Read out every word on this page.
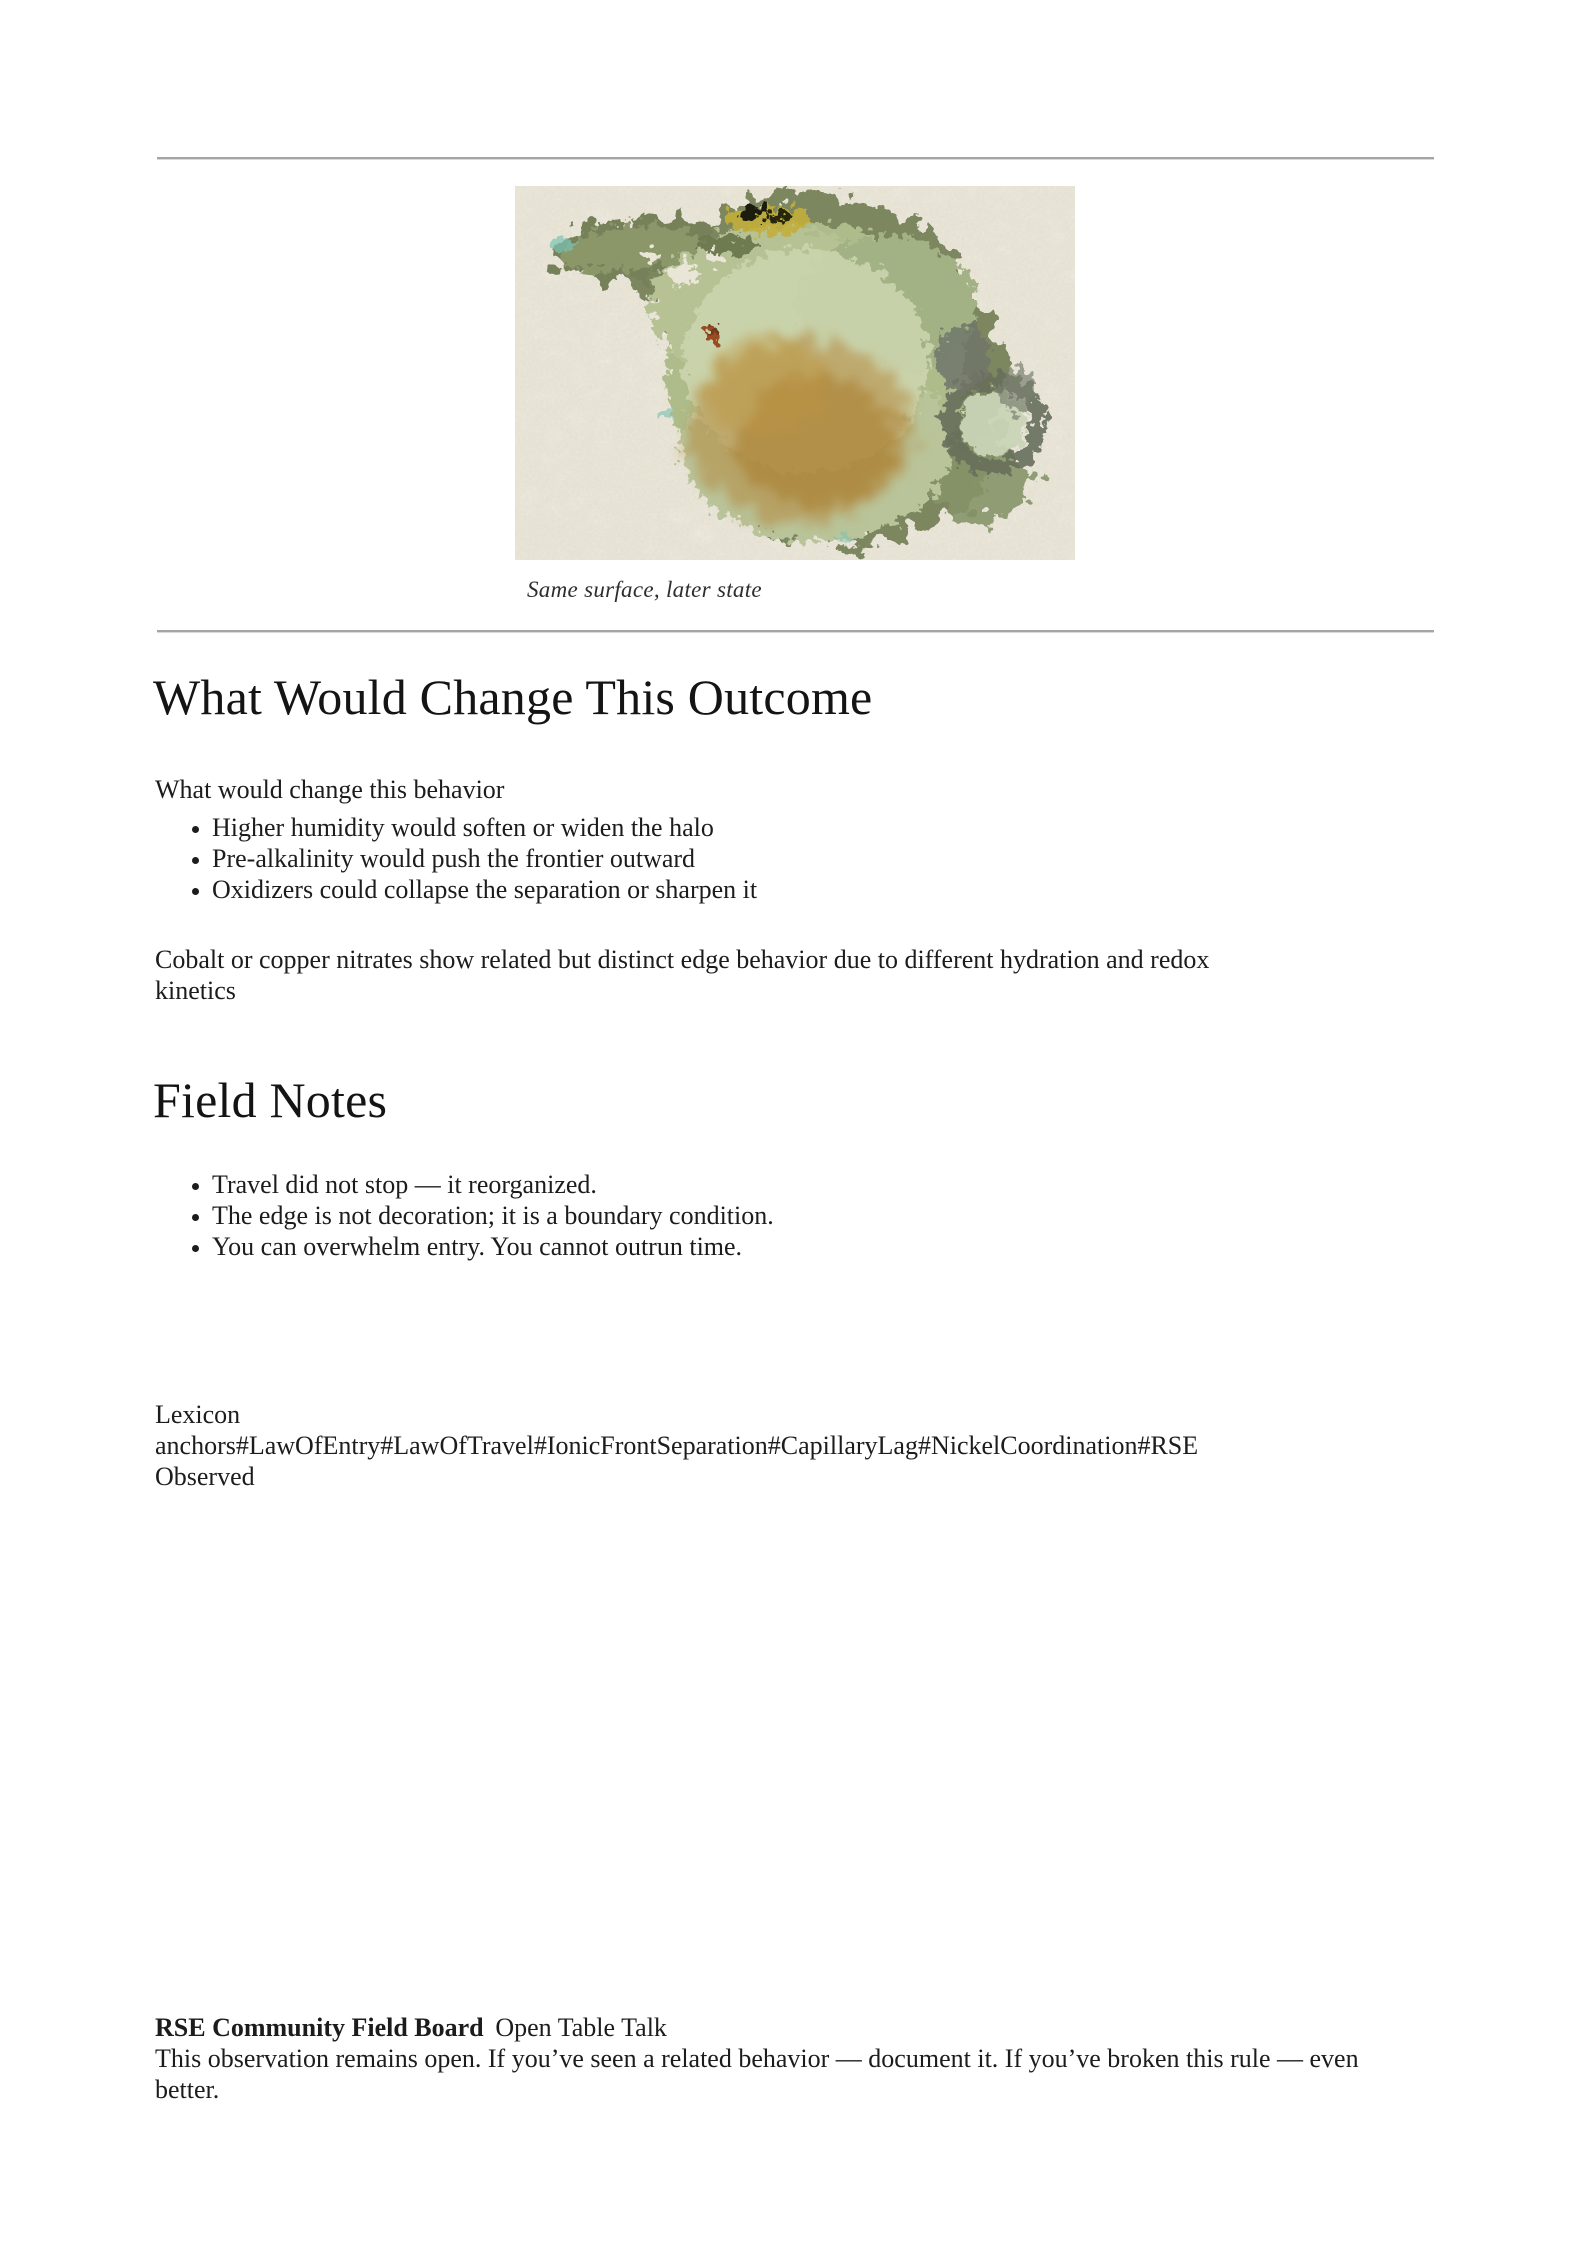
Same surface, later state
What Would Change This Outcome
What would change this behavior
• Higher humidity would soften or widen the halo
• Pre-alkalinity would push the frontier outward
• Oxidizers could collapse the separation or sharpen it
Cobalt or copper nitrates show related but distinct edge behavior due to different hydration and redox
kinetics
Field Notes
• Travel did not stop — it reorganized.
• The edge is not decoration; it is a boundary condition.
• You can overwhelm entry. You cannot outrun time.
Lexicon
anchors#LawOfEntry#LawOfTravel#IonicFrontSeparation#CapillaryLag#NickelCoordination#RSE
Observed
RSE Community Field Board Open Table Talk
This observation remains open. If you’ve seen a related behavior — document it. If you’ve broken this rule — even
better.
